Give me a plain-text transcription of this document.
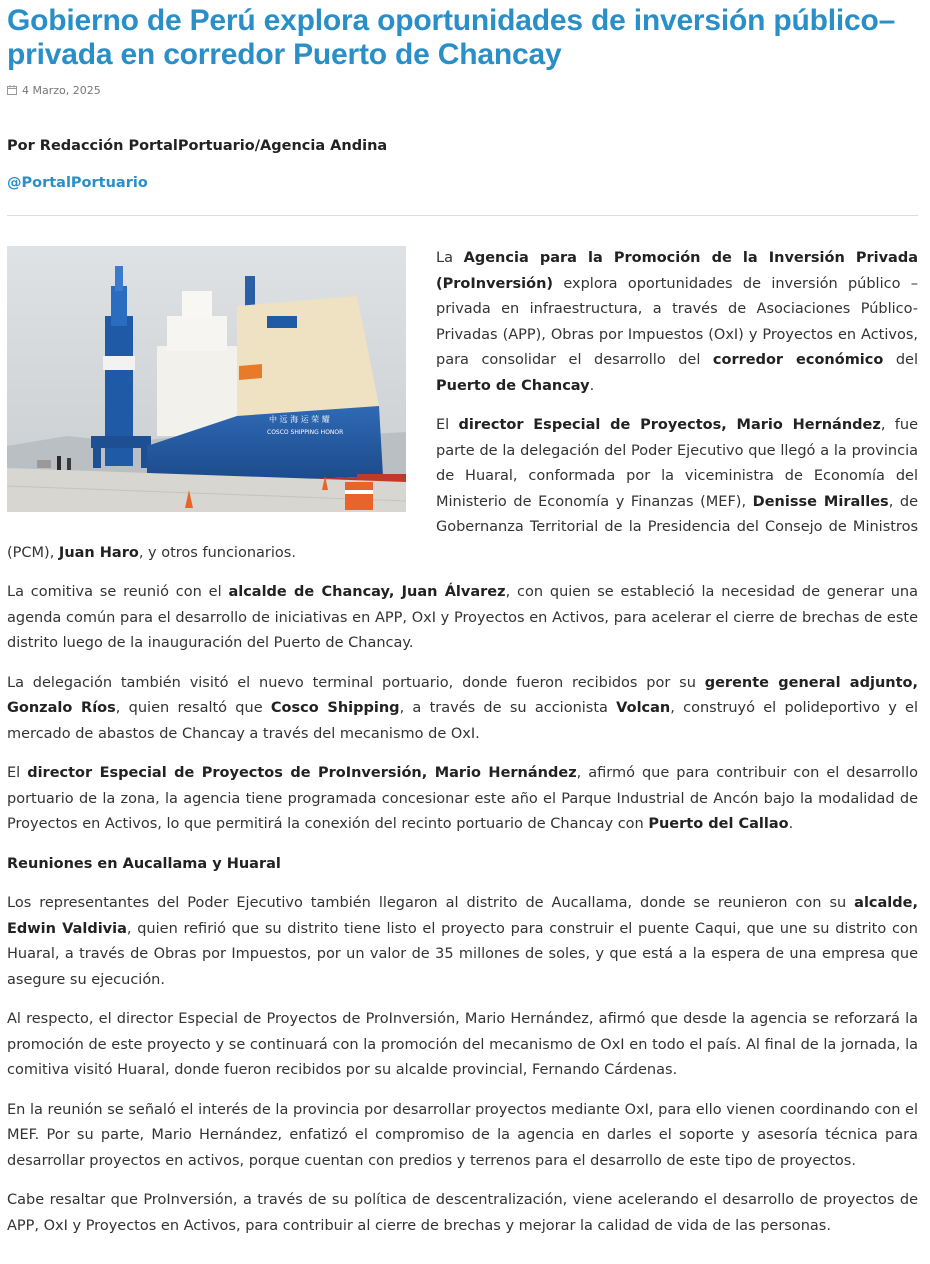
Gobierno de Perú explora oportunidades de inversión público–privada en corredor Puerto de Chancay
4 Marzo, 2025
Por Redacción PortalPortuario/Agencia Andina
@PortalPortuario
中 远 海 运 荣 耀
COSCO SHIPPING HONOR

La Agencia para la Promoción de la Inversión Privada (ProInversión) explora oportunidades de inversión público –privada en infraestructura, a través de Asociaciones Público-Privadas (APP), Obras por Impuestos (OxI) y Proyectos en Activos, para consolidar el desarrollo del corredor económico del Puerto de Chancay.

El director Especial de Proyectos, Mario Hernández, fue parte de la delegación del Poder Ejecutivo que llegó a la provincia de Huaral, conformada por la viceministra de Economía del Ministerio de Economía y Finanzas (MEF), Denisse Miralles, de Gobernanza Territorial de la Presidencia del Consejo de Ministros (PCM), Juan Haro, y otros funcionarios.

La comitiva se reunió con el alcalde de Chancay, Juan Álvarez, con quien se estableció la necesidad de generar una agenda común para el desarrollo de iniciativas en APP, OxI y Proyectos en Activos, para acelerar el cierre de brechas de este distrito luego de la inauguración del Puerto de Chancay.

La delegación también visitó el nuevo terminal portuario, donde fueron recibidos por su gerente general adjunto, Gonzalo Ríos, quien resaltó que Cosco Shipping, a través de su accionista Volcan, construyó el polideportivo y el mercado de abastos de Chancay a través del mecanismo de OxI.

El director Especial de Proyectos de ProInversión, Mario Hernández, afirmó que para contribuir con el desarrollo portuario de la zona, la agencia tiene programada concesionar este año el Parque Industrial de Ancón bajo la modalidad de Proyectos en Activos, lo que permitirá la conexión del recinto portuario de Chancay con Puerto del Callao.

Reuniones en Aucallama y Huaral

Los representantes del Poder Ejecutivo también llegaron al distrito de Aucallama, donde se reunieron con su alcalde, Edwin Valdivia, quien refirió que su distrito tiene listo el proyecto para construir el puente Caqui, que une su distrito con Huaral, a través de Obras por Impuestos, por un valor de 35 millones de soles, y que está a la espera de una empresa que asegure su ejecución.

Al respecto, el director Especial de Proyectos de ProInversión, Mario Hernández, afirmó que desde la agencia se reforzará la promoción de este proyecto y se continuará con la promoción del mecanismo de OxI en todo el país. Al final de la jornada, la comitiva visitó Huaral, donde fueron recibidos por su alcalde provincial, Fernando Cárdenas.

En la reunión se señaló el interés de la provincia por desarrollar proyectos mediante OxI, para ello vienen coordinando con el MEF. Por su parte, Mario Hernández, enfatizó el compromiso de la agencia en darles el soporte y asesoría técnica para desarrollar proyectos en activos, porque cuentan con predios y terrenos para el desarrollo de este tipo de proyectos.

Cabe resaltar que ProInversión, a través de su política de descentralización, viene acelerando el desarrollo de proyectos de APP, OxI y Proyectos en Activos, para contribuir al cierre de brechas y mejorar la calidad de vida de las personas.
